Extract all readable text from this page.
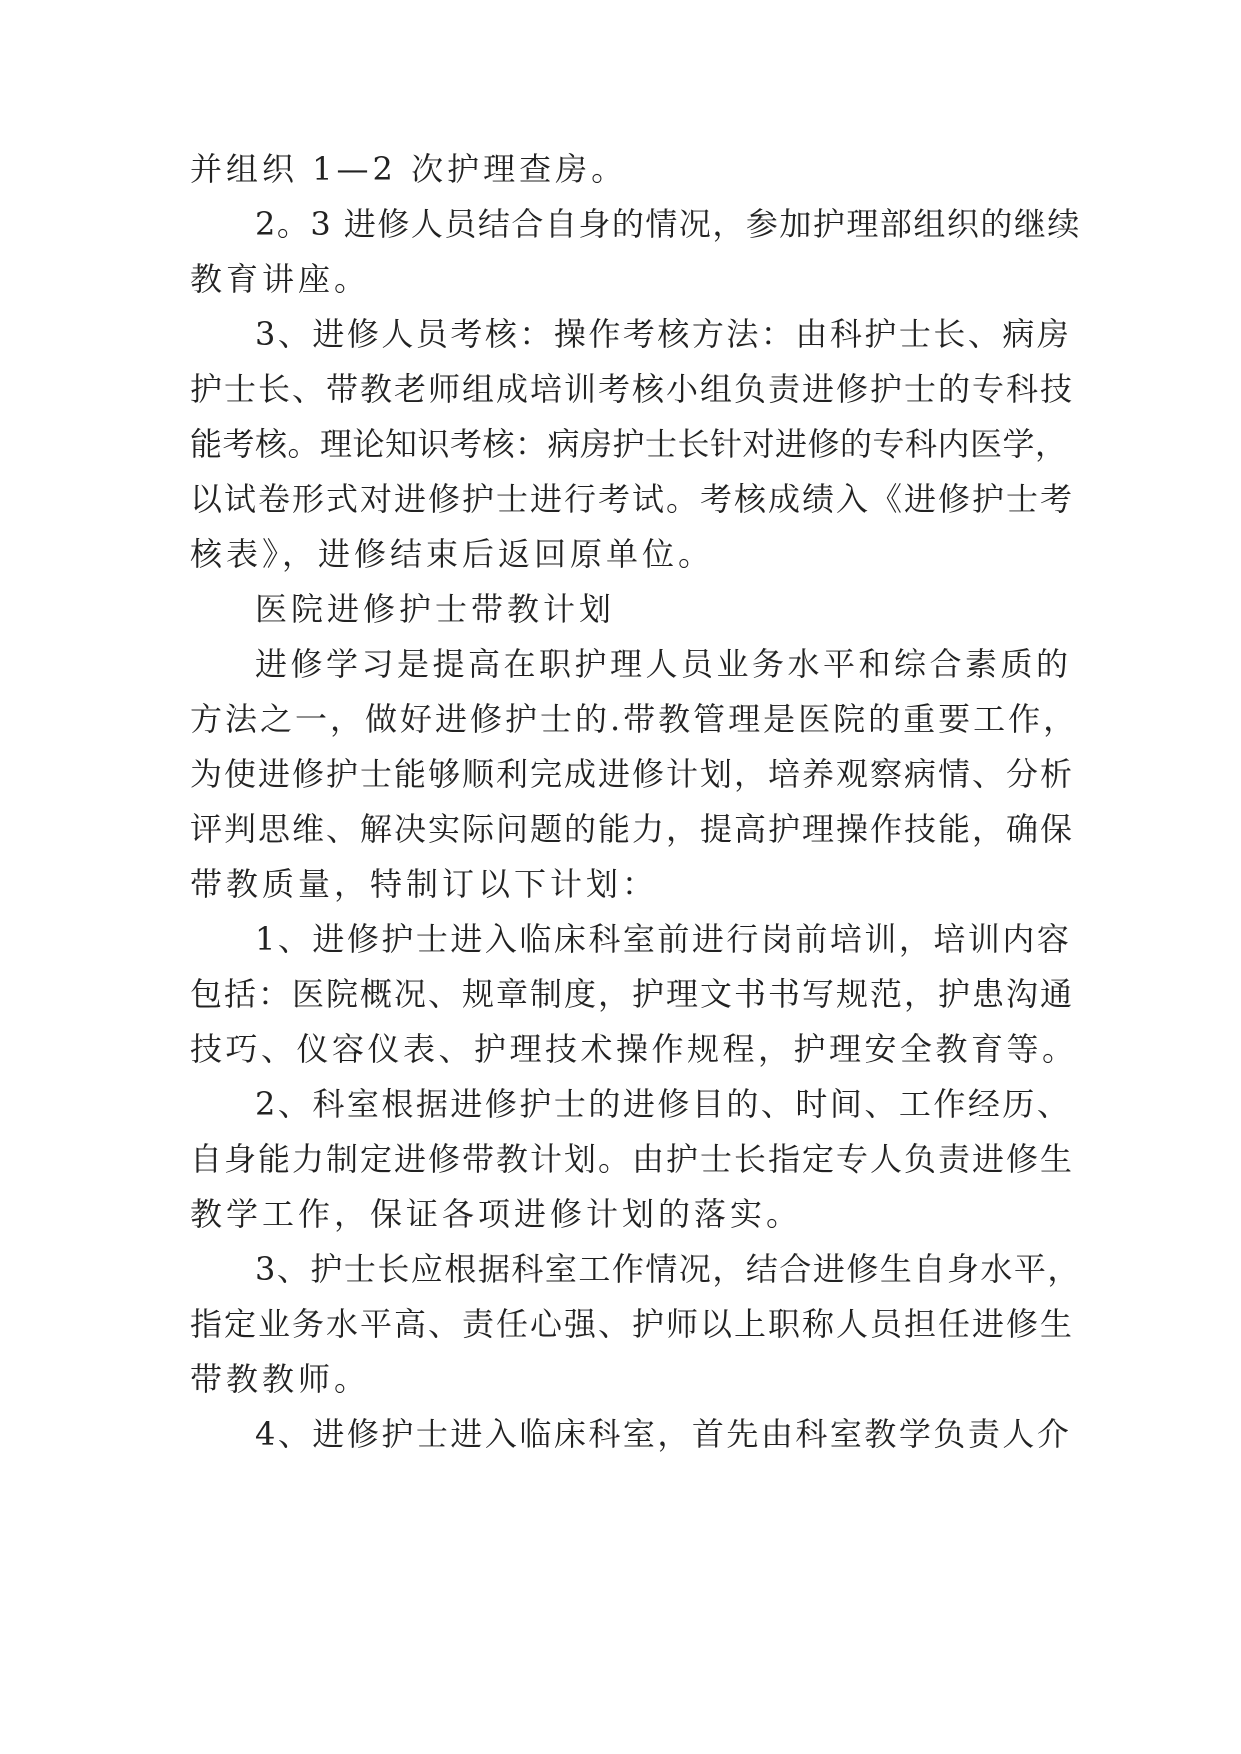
并组织 1—2 次护理查房。

2。3 进修人员结合自身的情况，参加护理部组织的继续

教育讲座。

3、进修人员考核：操作考核方法：由科护士长、病房

护士长、带教老师组成培训考核小组负责进修护士的专科技

能考核。理论知识考核：病房护士长针对进修的专科内医学，

以试卷形式对进修护士进行考试。考核成绩入《进修护士考

核表》，进修结束后返回原单位。

医院进修护士带教计划

进修学习是提高在职护理人员业务水平和综合素质的

方法之一，做好进修护士的.带教管理是医院的重要工作，

为使进修护士能够顺利完成进修计划，培养观察病情、分析

评判思维、解决实际问题的能力，提高护理操作技能，确保

带教质量，特制订以下计划：

1、进修护士进入临床科室前进行岗前培训，培训内容

包括：医院概况、规章制度，护理文书书写规范，护患沟通

技巧、仪容仪表、护理技术操作规程，护理安全教育等。

2、科室根据进修护士的进修目的、时间、工作经历、

自身能力制定进修带教计划。由护士长指定专人负责进修生

教学工作，保证各项进修计划的落实。

3、护士长应根据科室工作情况，结合进修生自身水平，

指定业务水平高、责任心强、护师以上职称人员担任进修生

带教教师。

4、进修护士进入临床科室，首先由科室教学负责人介
